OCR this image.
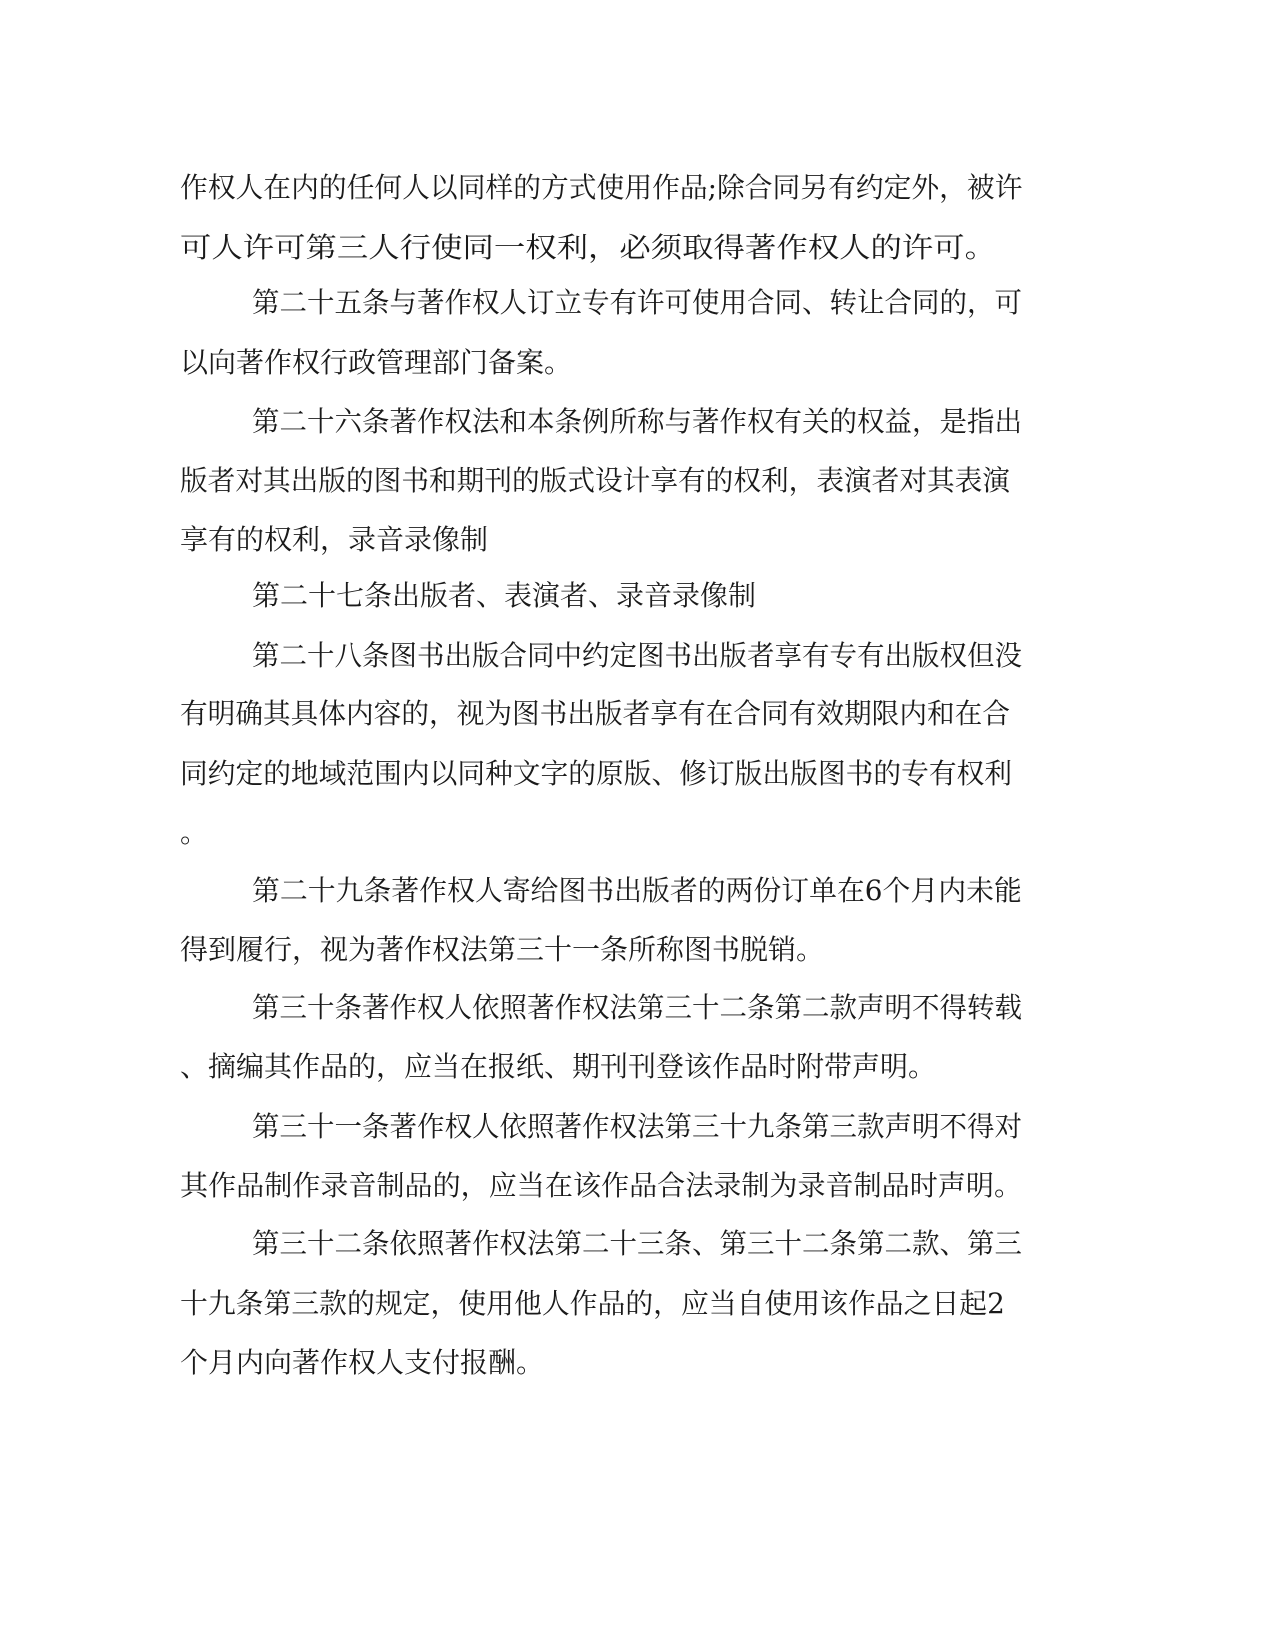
作权人在内的任何人以同样的方式使用作品;除合同另有约定外，被许
可人许可第三人行使同一权利，必须取得著作权人的许可。
第二十五条与著作权人订立专有许可使用合同、转让合同的，可
以向著作权行政管理部门备案。
第二十六条著作权法和本条例所称与著作权有关的权益，是指出
版者对其出版的图书和期刊的版式设计享有的权利，表演者对其表演
享有的权利，录音录像制
第二十七条出版者、表演者、录音录像制
第二十八条图书出版合同中约定图书出版者享有专有出版权但没
有明确其具体内容的，视为图书出版者享有在合同有效期限内和在合
同约定的地域范围内以同种文字的原版、修订版出版图书的专有权利
。
第二十九条著作权人寄给图书出版者的两份订单在6个月内未能
得到履行，视为著作权法第三十一条所称图书脱销。
第三十条著作权人依照著作权法第三十二条第二款声明不得转载
、摘编其作品的，应当在报纸、期刊刊登该作品时附带声明。
第三十一条著作权人依照著作权法第三十九条第三款声明不得对
其作品制作录音制品的，应当在该作品合法录制为录音制品时声明。
第三十二条依照著作权法第二十三条、第三十二条第二款、第三
十九条第三款的规定，使用他人作品的，应当自使用该作品之日起2
个月内向著作权人支付报酬。
